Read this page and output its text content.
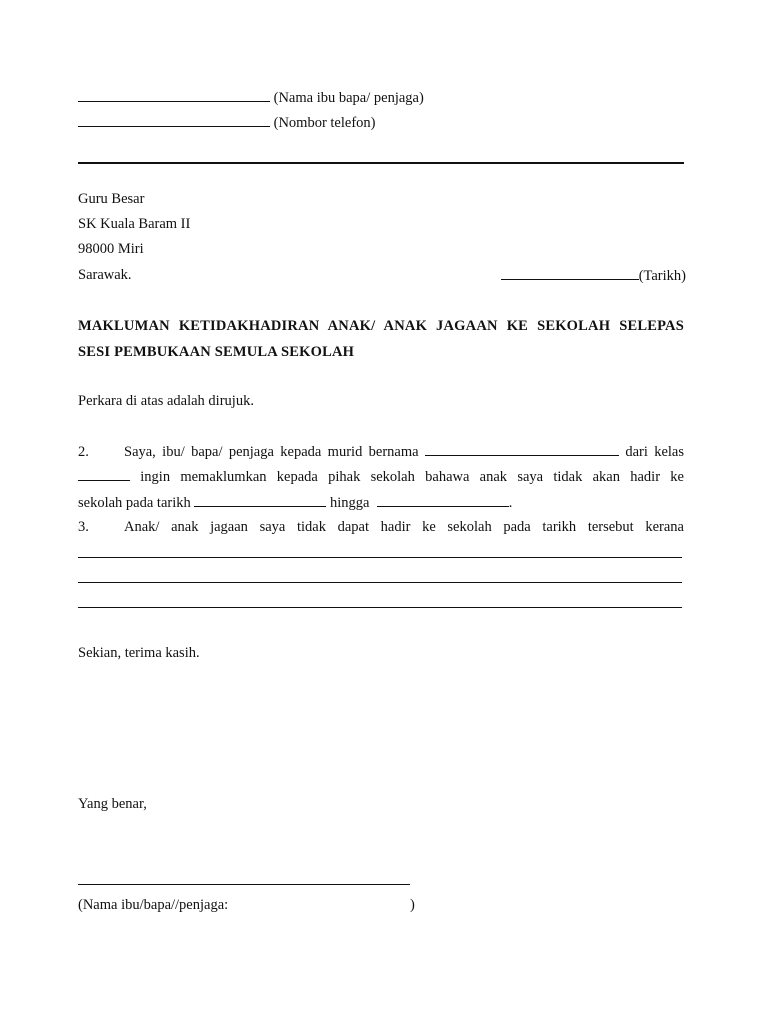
(Nama ibu bapa/ penjaga)
(Nombor telefon)
Guru Besar
SK Kuala Baram II
98000 Miri
Sarawak.	(Tarikh)
MAKLUMAN KETIDAKHADIRAN ANAK/ ANAK JAGAAN KE SEKOLAH SELEPAS
SESI PEMBUKAAN SEMULA SEKOLAH
Perkara di atas adalah dirujuk.
2. Saya, ibu/ bapa/ penjaga kepada murid bernama	dari kelas
ingin memaklumkan kepada pihak sekolah bahawa anak saya tidak akan hadir ke
sekolah pada tarikh	hingga	.
3. Anak/ anak jagaan saya tidak dapat hadir ke sekolah pada tarikh tersebut kerana
Sekian, terima kasih.
Yang benar,
(Nama ibu/bapa//penjaga:	)
